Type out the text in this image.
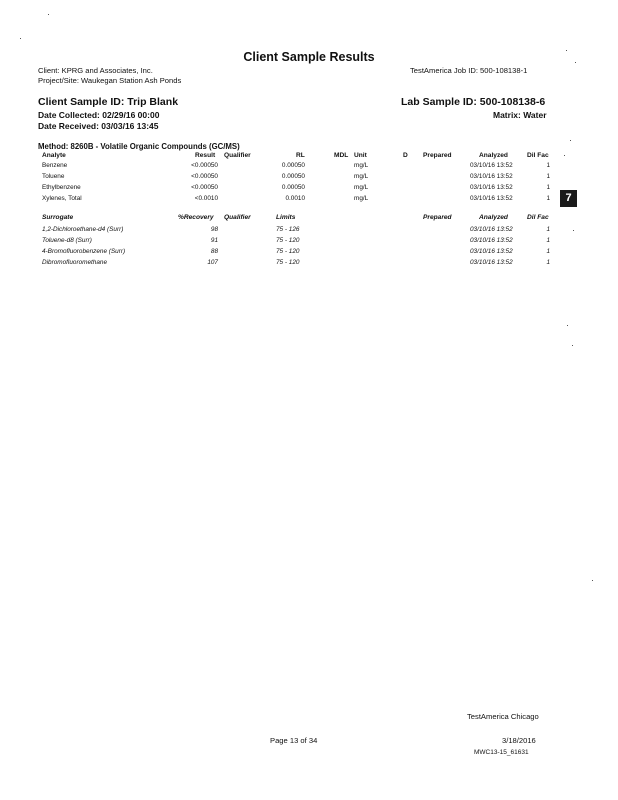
Client Sample Results
Client: KPRG and Associates, Inc.
Project/Site: Waukegan Station Ash Ponds
TestAmerica Job ID: 500-108138-1
Client Sample ID: Trip Blank	Lab Sample ID: 500-108138-6
Date Collected: 02/29/16 00:00
Date Received: 03/03/16 13:45
Matrix: Water
Method: 8260B - Volatile Organic Compounds (GC/MS)
Analyte	Result Qualifier	RL	MDL Unit	D Prepared	Analyzed	Dil Fac
Benzene	<0.00050	0.00050	mg/L	03/10/16 13:52	1
Toluene	<0.00050	0.00050	mg/L	03/10/16 13:52	1
Ethylbenzene	<0.00050	0.00050	mg/L	03/10/16 13:52	1
Xylenes, Total	<0.0010	0.0010	mg/L	03/10/16 13:52	1
Surrogate	%Recovery Qualifier	Limits	Prepared	Analyzed	Dil Fac
1,2-Dichloroethane-d4 (Surr)	98	75 - 126	03/10/16 13:52	1
Toluene-d8 (Surr)	91	75 - 120	03/10/16 13:52	1
4-Bromofluorobenzene (Surr)	88	75 - 120	03/10/16 13:52	1
Dibromofluoromethane	107	75 - 120	03/10/16 13:52	1
7
TestAmerica Chicago
Page 13 of 34	3/18/2016
MWC13-15_61631
